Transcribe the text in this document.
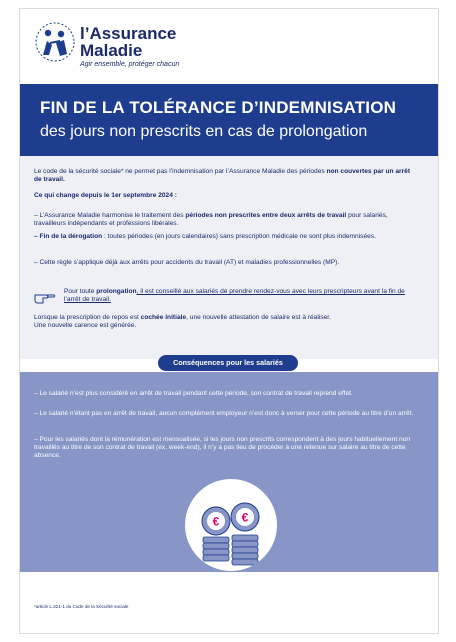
l’Assurance
Maladie
Agir ensemble, protéger chacun
FIN DE LA TOLÉRANCE D’INDEMNISATION
des jours non prescrits en cas de prolongation
Le code de la sécurité sociale* ne permet pas l’indemnisation par l’Assurance Maladie des périodes non couvertes par un arrêt de travail.
Ce qui change depuis le 1er septembre 2024 :
– L’Assurance Maladie harmonise le traitement des périodes non prescrites entre deux arrêts de travail pour salariés, travailleurs indépendants et professions libérales.
– Fin de la dérogation : toutes périodes (en jours calendaires) sans prescription médicale ne sont plus indemnisées.
– Cette règle s’applique déjà aux arrêts pour accidents du travail (AT) et maladies professionnelles (MP).
Pour toute prolongation, il est conseillé aux salariés de prendre rendez-vous avec leurs prescripteurs avant la fin de l’arrêt de travail.
Lorsque la prescription de repos est cochée initiale, une nouvelle attestation de salaire est à réaliser.
Une nouvelle carence est générée.
– Le salarié n’est plus considéré en arrêt de travail pendant cette période, son contrat de travail reprend effet.
– Le salarié n’étant pas en arrêt de travail, aucun complément employeur n’est donc à verser pour cette période au titre d’un arrêt.
– Pour les salariés dont la rémunération est mensualisée, si les jours non prescrits correspondent à des jours habituellement non travaillés au titre de son contrat de travail (ex. week-end), il n’y a pas lieu de procéder à une retenue sur salaire au titre de cette absence.
Conséquences pour les salariés
€ €
*article L.321-1 du Code de la Sécurité sociale
